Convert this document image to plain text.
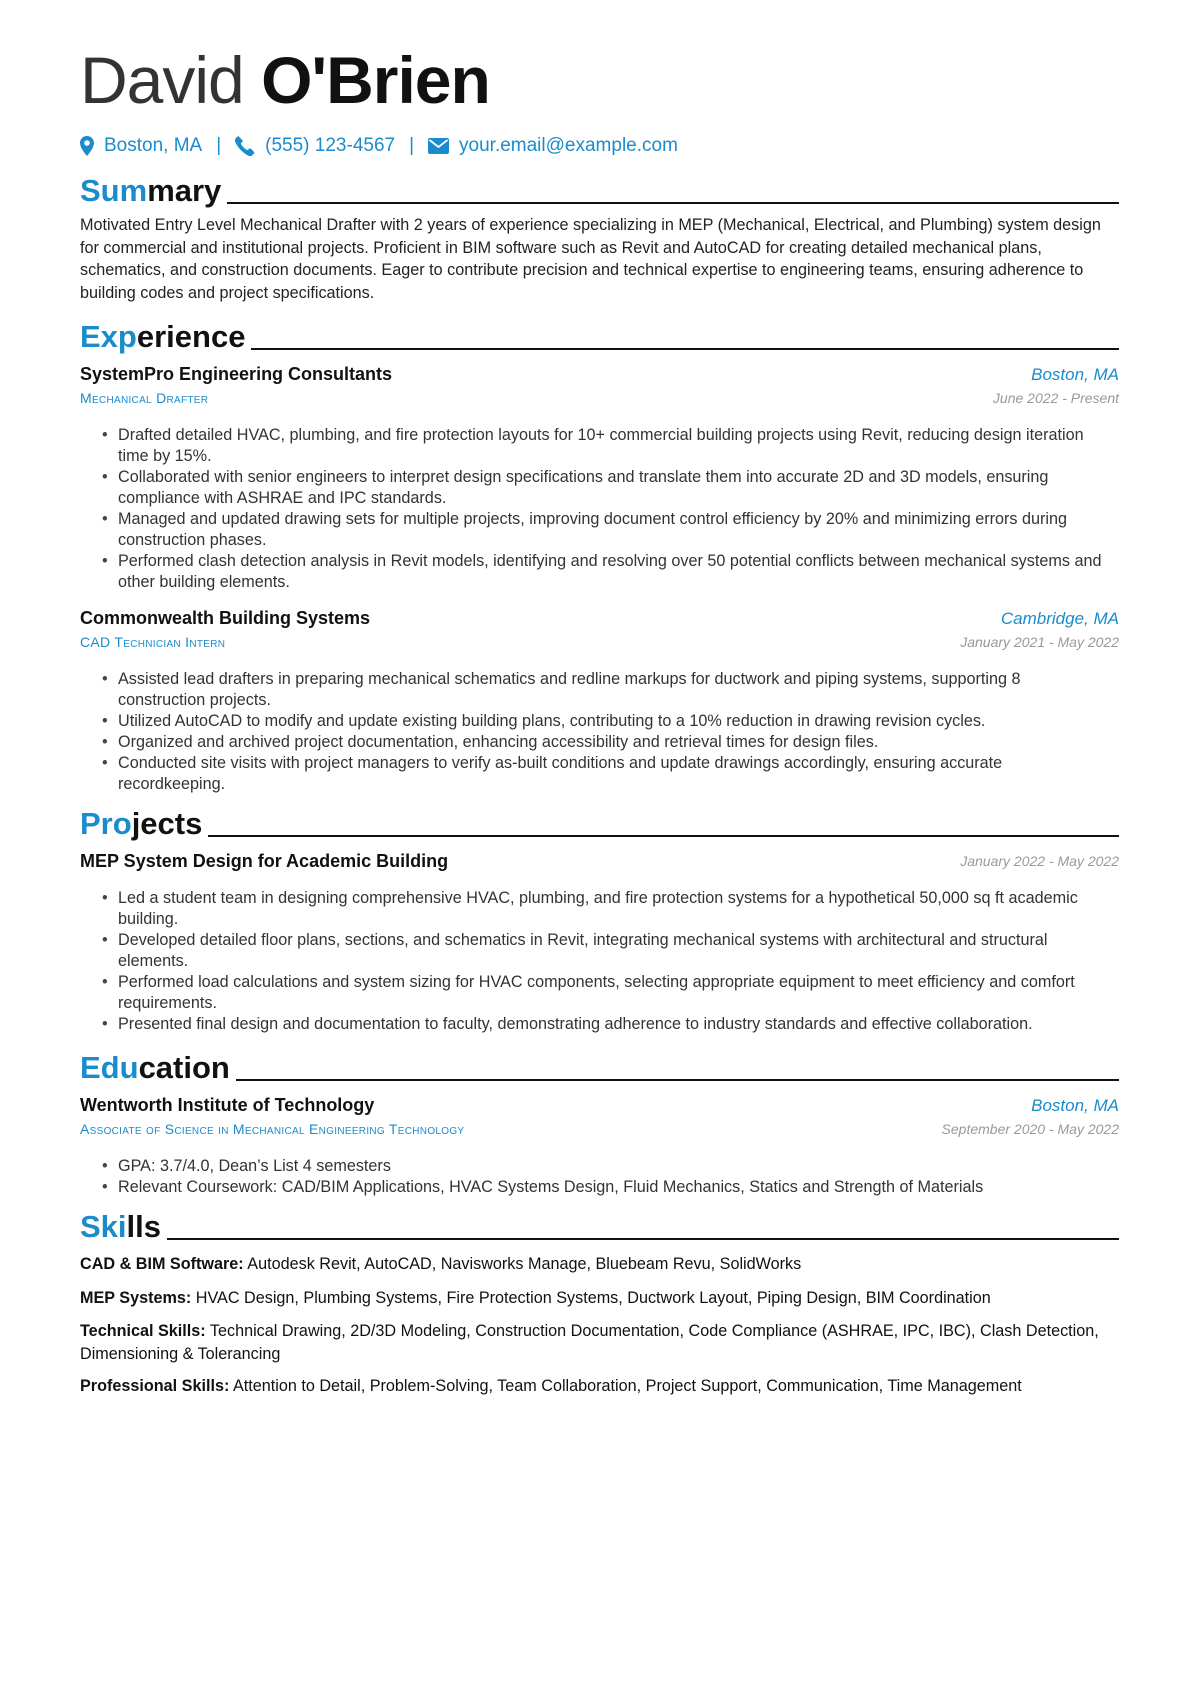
David O'Brien
Boston, MA | (555) 123-4567 | your.email@example.com
Summary

Motivated Entry Level Mechanical Drafter with 2 years of experience specializing in MEP (Mechanical, Electrical, and Plumbing) system design for commercial and institutional projects. Proficient in BIM software such as Revit and AutoCAD for creating detailed mechanical plans, schematics, and construction documents. Eager to contribute precision and technical expertise to engineering teams, ensuring adherence to building codes and project specifications.

Experience
SystemPro Engineering Consultants	Boston, MA
Mechanical Drafter	June 2022 - Present
• Drafted detailed HVAC, plumbing, and fire protection layouts for 10+ commercial building projects using Revit, reducing design iteration time by 15%.
• Collaborated with senior engineers to interpret design specifications and translate them into accurate 2D and 3D models, ensuring compliance with ASHRAE and IPC standards.
• Managed and updated drawing sets for multiple projects, improving document control efficiency by 20% and minimizing errors during construction phases.
• Performed clash detection analysis in Revit models, identifying and resolving over 50 potential conflicts between mechanical systems and other building elements.
Commonwealth Building Systems	Cambridge, MA
CAD Technician Intern	January 2021 - May 2022
• Assisted lead drafters in preparing mechanical schematics and redline markups for ductwork and piping systems, supporting 8 construction projects.
• Utilized AutoCAD to modify and update existing building plans, contributing to a 10% reduction in drawing revision cycles.
• Organized and archived project documentation, enhancing accessibility and retrieval times for design files.
• Conducted site visits with project managers to verify as-built conditions and update drawings accordingly, ensuring accurate recordkeeping.
Projects
MEP System Design for Academic Building	January 2022 - May 2022
• Led a student team in designing comprehensive HVAC, plumbing, and fire protection systems for a hypothetical 50,000 sq ft academic building.
• Developed detailed floor plans, sections, and schematics in Revit, integrating mechanical systems with architectural and structural elements.
• Performed load calculations and system sizing for HVAC components, selecting appropriate equipment to meet efficiency and comfort requirements.
• Presented final design and documentation to faculty, demonstrating adherence to industry standards and effective collaboration.
Education
Wentworth Institute of Technology	Boston, MA
Associate of Science in Mechanical Engineering Technology	September 2020 - May 2022
• GPA: 3.7/4.0, Dean’s List 4 semesters
• Relevant Coursework: CAD/BIM Applications, HVAC Systems Design, Fluid Mechanics, Statics and Strength of Materials
Skills

CAD & BIM Software: Autodesk Revit, AutoCAD, Navisworks Manage, Bluebeam Revu, SolidWorks

MEP Systems: HVAC Design, Plumbing Systems, Fire Protection Systems, Ductwork Layout, Piping Design, BIM Coordination

Technical Skills: Technical Drawing, 2D/3D Modeling, Construction Documentation, Code Compliance (ASHRAE, IPC, IBC), Clash Detection, Dimensioning & Tolerancing

Professional Skills: Attention to Detail, Problem-Solving, Team Collaboration, Project Support, Communication, Time Management
